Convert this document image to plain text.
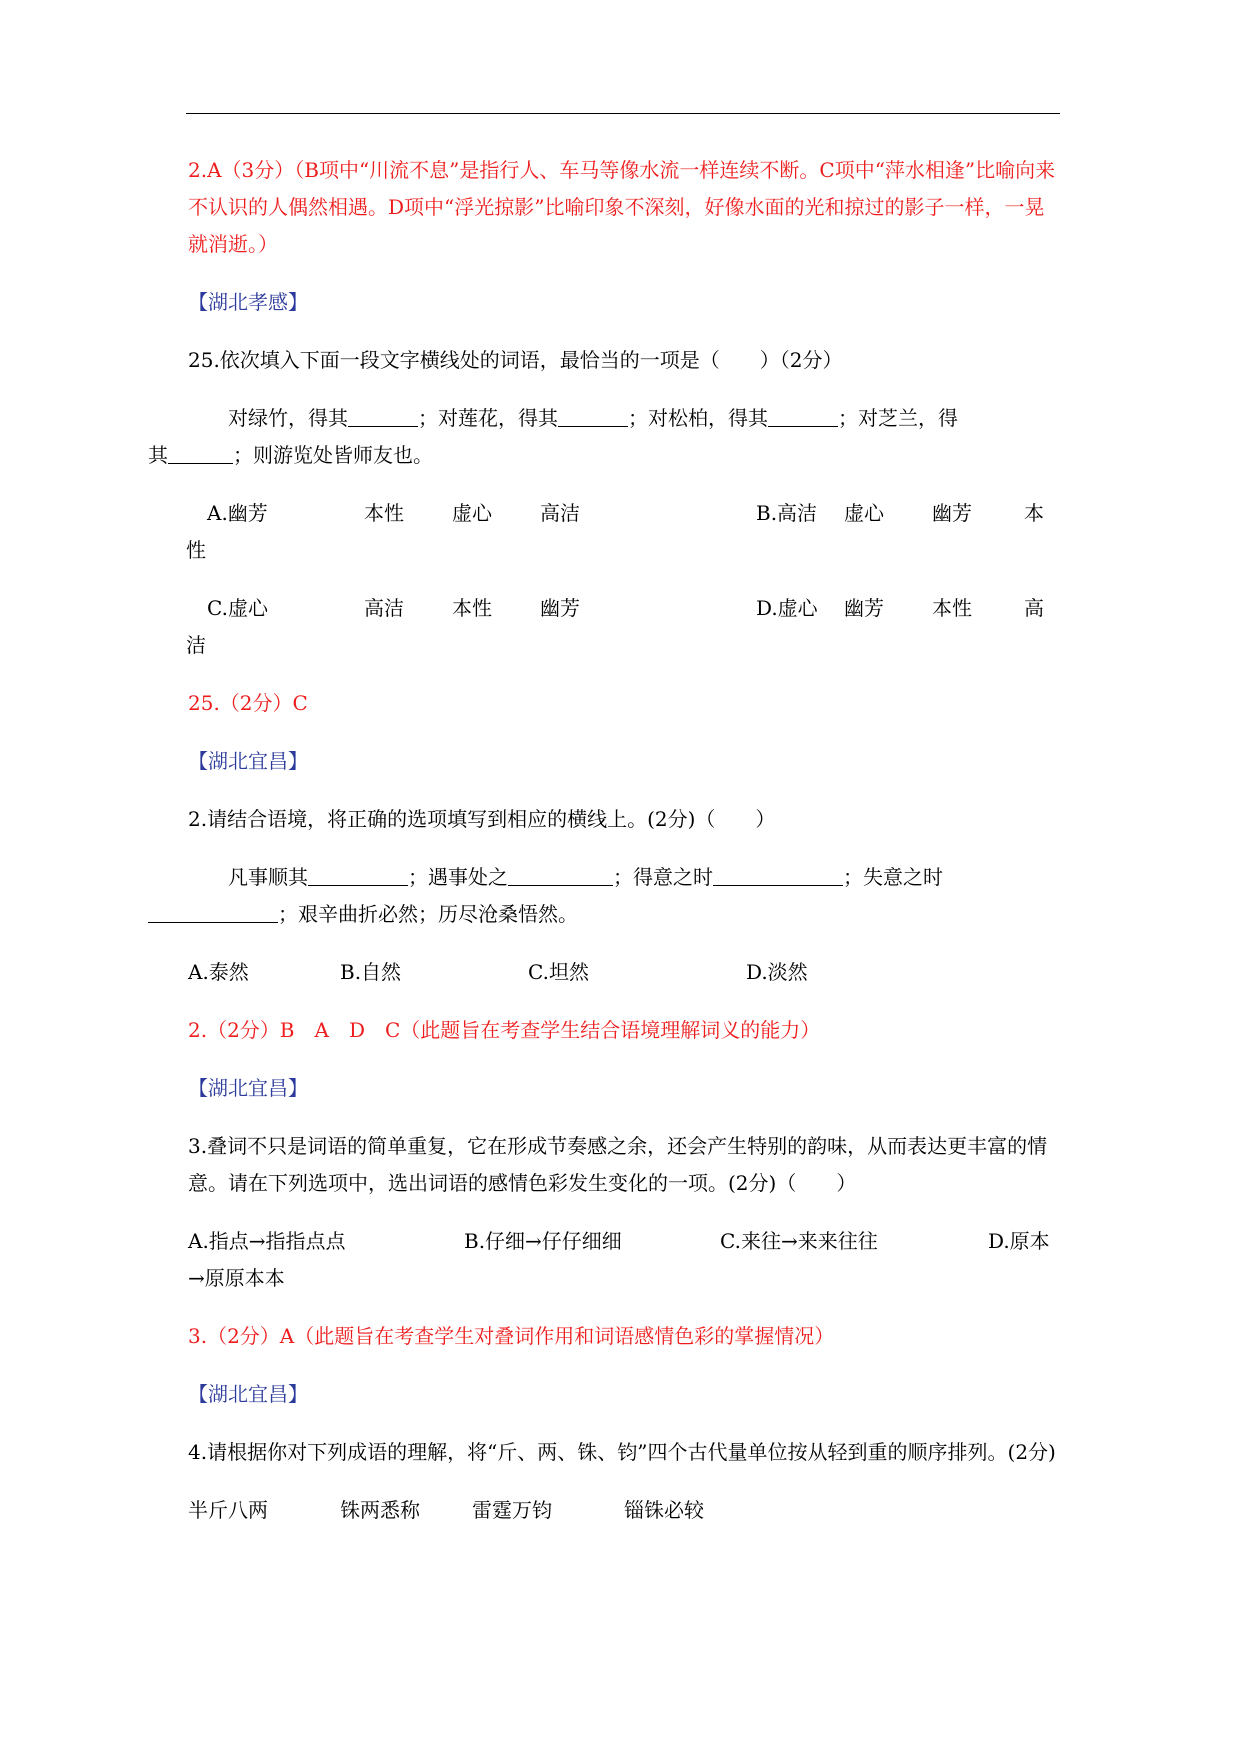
2.A（3分）（B项中“川流不息”是指行人、车马等像水流一样连续不断。C项中“萍水相逢”比喻向来不认识的人偶然相遇。D项中“浮光掠影”比喻印象不深刻，好像水面的光和掠过的影子一样，一晃就消逝。）

【湖北孝感】

25.依次填入下面一段文字横线处的词语，最恰当的一项是（　　）（2分）

对绿竹，得其	；对莲花，得其	；对松柏，得其	；对芝兰，得
其	；则游览处皆师友也。

A.幽芳	本性 虚心 高洁	B.高洁 虚心 幽芳	本
性
C.虚心	高洁 本性 幽芳	D.虚心 幽芳 本性	高
洁

25.（2分）C

【湖北宜昌】

2.请结合语境，将正确的选项填写到相应的横线上。(2分)（　　）

凡事顺其	；遇事处之	；得意之时	；失意之时
；艰辛曲折必然；历尽沧桑悟然。

A.泰然	B.自然	C.坦然	D.淡然

2.（2分）B　A　D　C（此题旨在考查学生结合语境理解词义的能力）

【湖北宜昌】

3.叠词不只是词语的简单重复，它在形成节奏感之余，还会产生特别的韵味，从而表达更丰富的情意。请在下列选项中，选出词语的感情色彩发生变化的一项。(2分)（　　）

A.指点→指指点点	B.仔细→仔仔细细	C.来往→来来往往	D.原本
→原原本本

3.（2分）A（此题旨在考查学生对叠词作用和词语感情色彩的掌握情况）

【湖北宜昌】

4.请根据你对下列成语的理解，将“斤、两、铢、钧”四个古代量单位按从轻到重的顺序排列。(2分)

半斤八两	铢两悉称	雷霆万钧	锱铢必较
